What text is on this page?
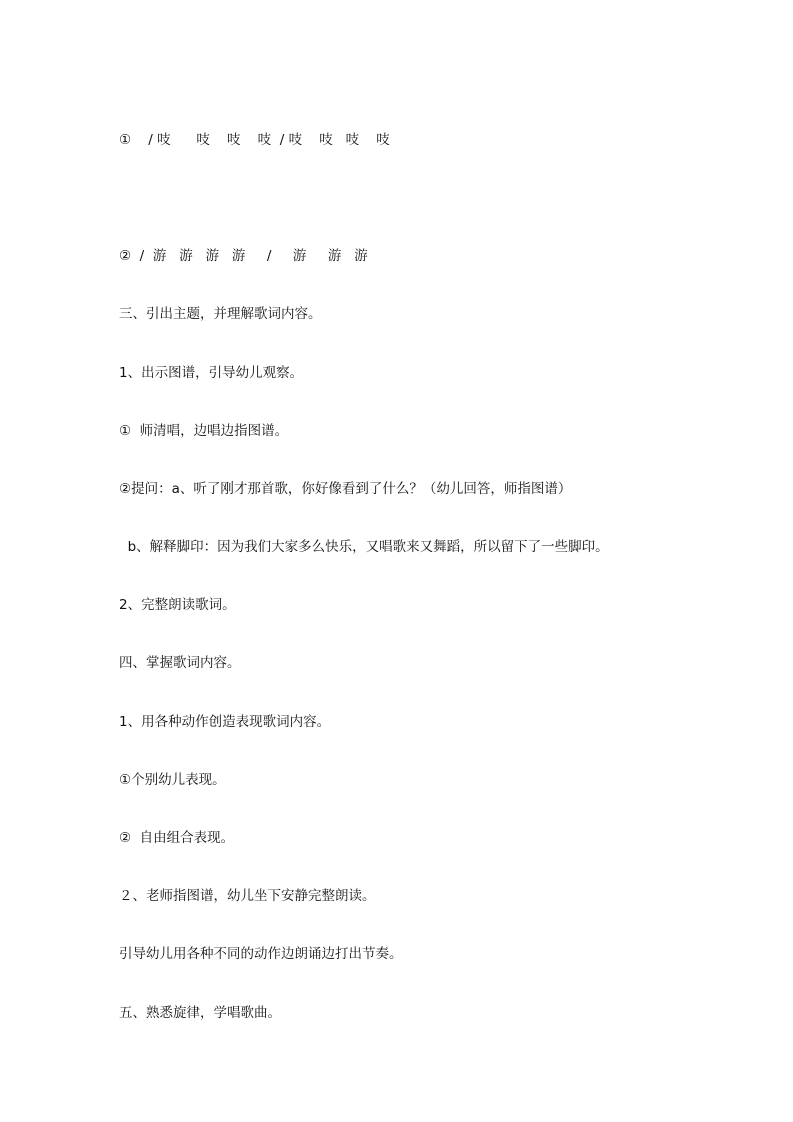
①    / 吱      吱    吱    吱  / 吱    吱   吱    吱
②  /  游   游   游   游     /     游     游   游
三、引出主题，并理解歌词内容。
1、出示图谱，引导幼儿观察。
①  师清唱，边唱边指图谱。
②提问：a、听了刚才那首歌，你好像看到了什么？（幼儿回答，师指图谱）
b、解释脚印：因为我们大家多么快乐，又唱歌来又舞蹈，所以留下了一些脚印。
2、完整朗读歌词。
四、掌握歌词内容。
1、用各种动作创造表现歌词内容。
①个别幼儿表现。
②  自由组合表现。
２、老师指图谱，幼儿坐下安静完整朗读。
引导幼儿用各种不同的动作边朗诵边打出节奏。
五、熟悉旋律，学唱歌曲。
